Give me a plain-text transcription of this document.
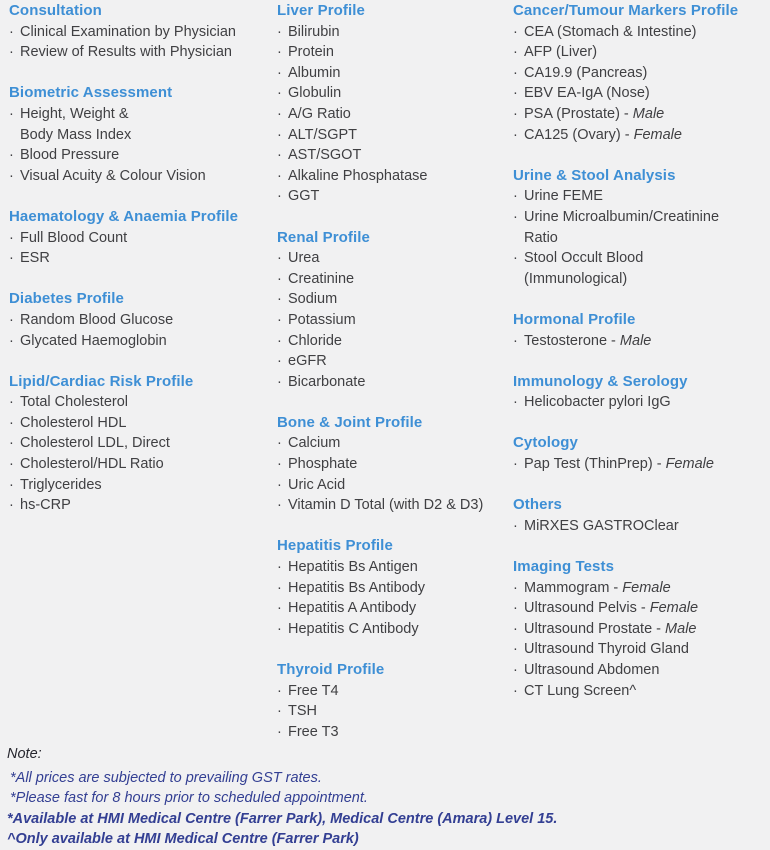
Consultation
· Clinical Examination by Physician
· Review of Results with Physician
Biometric Assessment
· Height, Weight &
Body Mass Index
· Blood Pressure
· Visual Acuity & Colour Vision
Haematology & Anaemia Profile
· Full Blood Count
· ESR
Diabetes Profile
· Random Blood Glucose
· Glycated Haemoglobin
Lipid/Cardiac Risk Profile
· Total Cholesterol
· Cholesterol HDL
· Cholesterol LDL, Direct
· Cholesterol/HDL Ratio
· Triglycerides
· hs-CRP
Liver Profile
· Bilirubin
· Protein
· Albumin
· Globulin
· A/G Ratio
· ALT/SGPT
· AST/SGOT
· Alkaline Phosphatase
· GGT
Renal Profile
· Urea
· Creatinine
· Sodium
· Potassium
· Chloride
· eGFR
· Bicarbonate
Bone & Joint Profile
· Calcium
· Phosphate
· Uric Acid
· Vitamin D Total (with D2 & D3)
Hepatitis Profile
· Hepatitis Bs Antigen
· Hepatitis Bs Antibody
· Hepatitis A Antibody
· Hepatitis C Antibody
Thyroid Profile
· Free T4
· TSH
· Free T3
Cancer/Tumour Markers Profile
· CEA (Stomach & Intestine)
· AFP (Liver)
· CA19.9 (Pancreas)
· EBV EA-IgA (Nose)
· PSA (Prostate) - Male
· CA125 (Ovary) - Female
Urine & Stool Analysis
· Urine FEME
· Urine Microalbumin/Creatinine
Ratio
· Stool Occult Blood
(Immunological)
Hormonal Profile
· Testosterone - Male
Immunology & Serology
· Helicobacter pylori IgG
Cytology
· Pap Test (ThinPrep) - Female
Others
· MiRXES GASTROClear
Imaging Tests
· Mammogram - Female
· Ultrasound Pelvis - Female
· Ultrasound Prostate - Male
· Ultrasound Thyroid Gland
· Ultrasound Abdomen
· CT Lung Screen^
Note:
*All prices are subjected to prevailing GST rates.
*Please fast for 8 hours prior to scheduled appointment.
*Available at HMI Medical Centre (Farrer Park), Medical Centre (Amara) Level 15.
^Only available at HMI Medical Centre (Farrer Park)
